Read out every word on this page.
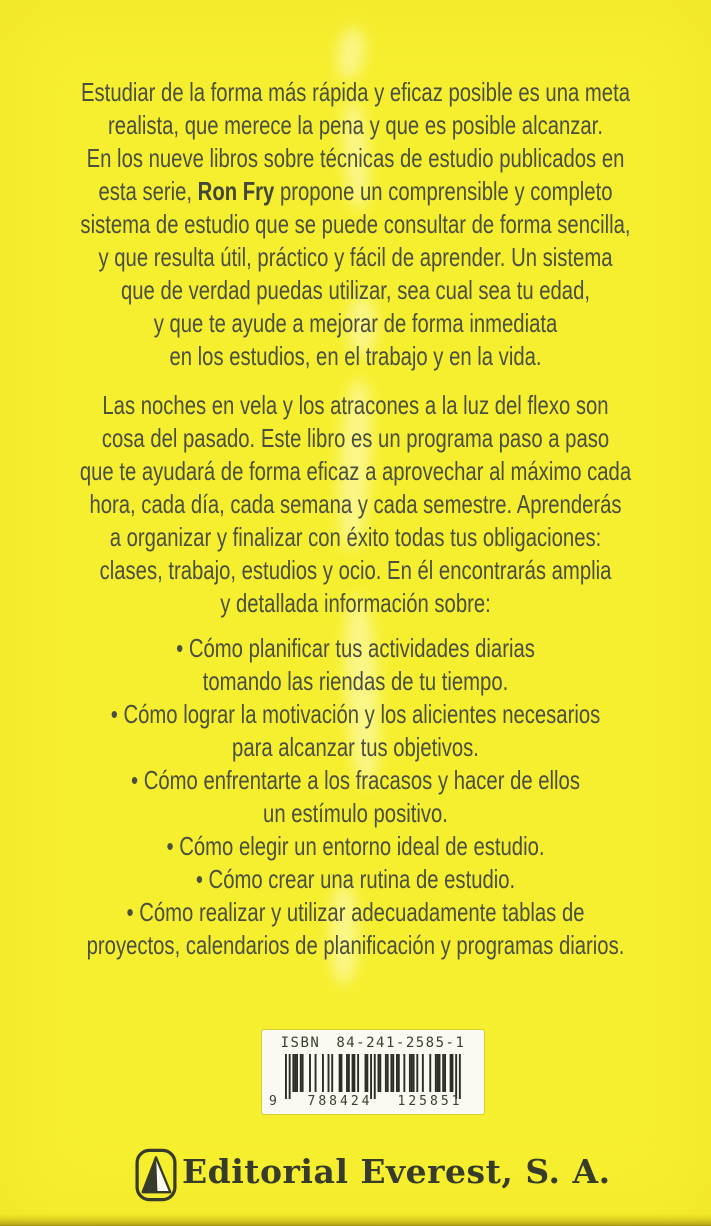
Estudiar de la forma más rápida y eficaz posible es una meta
realista, que merece la pena y que es posible alcanzar.
En los nueve libros sobre técnicas de estudio publicados en
esta serie, Ron Fry propone un comprensible y completo
sistema de estudio que se puede consultar de forma sencilla,
y que resulta útil, práctico y fácil de aprender. Un sistema
que de verdad puedas utilizar, sea cual sea tu edad,
y que te ayude a mejorar de forma inmediata
en los estudios, en el trabajo y en la vida.
Las noches en vela y los atracones a la luz del flexo son
cosa del pasado. Este libro es un programa paso a paso
que te ayudará de forma eficaz a aprovechar al máximo cada
hora, cada día, cada semana y cada semestre. Aprenderás
a organizar y finalizar con éxito todas tus obligaciones:
clases, trabajo, estudios y ocio. En él encontrarás amplia
y detallada información sobre:
• Cómo planificar tus actividades diarias
tomando las riendas de tu tiempo.
• Cómo lograr la motivación y los alicientes necesarios
para alcanzar tus objetivos.
• Cómo enfrentarte a los fracasos y hacer de ellos
un estímulo positivo.
• Cómo elegir un entorno ideal de estudio.
• Cómo crear una rutina de estudio.
• Cómo realizar y utilizar adecuadamente tablas de
proyectos, calendarios de planificación y programas diarios.
ISBN 84-241-2585-1
9	788424	125851
Editorial Everest, S. A.
